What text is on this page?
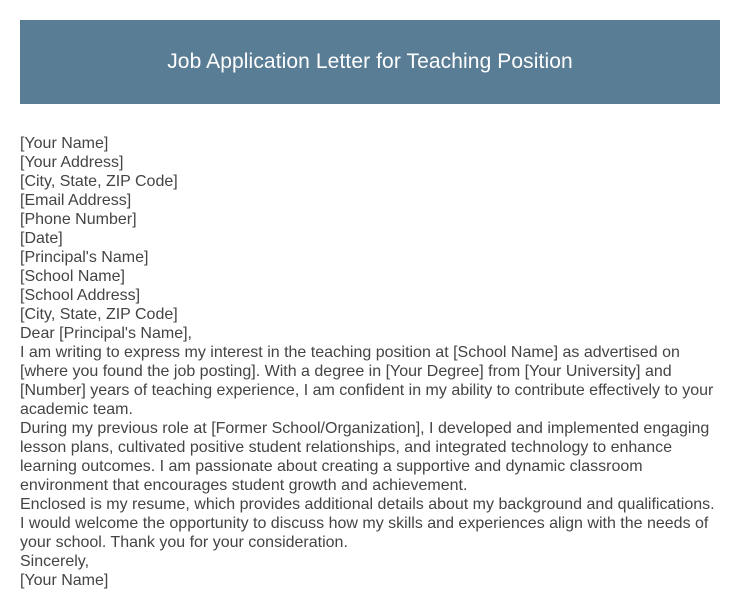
Job Application Letter for Teaching Position
[Your Name]
[Your Address]
[City, State, ZIP Code]
[Email Address]
[Phone Number]
[Date]
[Principal's Name]
[School Name]
[School Address]
[City, State, ZIP Code]
Dear [Principal's Name],
I am writing to express my interest in the teaching position at [School Name] as advertised on
[where you found the job posting]. With a degree in [Your Degree] from [Your University] and
[Number] years of teaching experience, I am confident in my ability to contribute effectively to your
academic team.
During my previous role at [Former School/Organization], I developed and implemented engaging
lesson plans, cultivated positive student relationships, and integrated technology to enhance
learning outcomes. I am passionate about creating a supportive and dynamic classroom
environment that encourages student growth and achievement.
Enclosed is my resume, which provides additional details about my background and qualifications.
I would welcome the opportunity to discuss how my skills and experiences align with the needs of
your school. Thank you for your consideration.
Sincerely,
[Your Name]
